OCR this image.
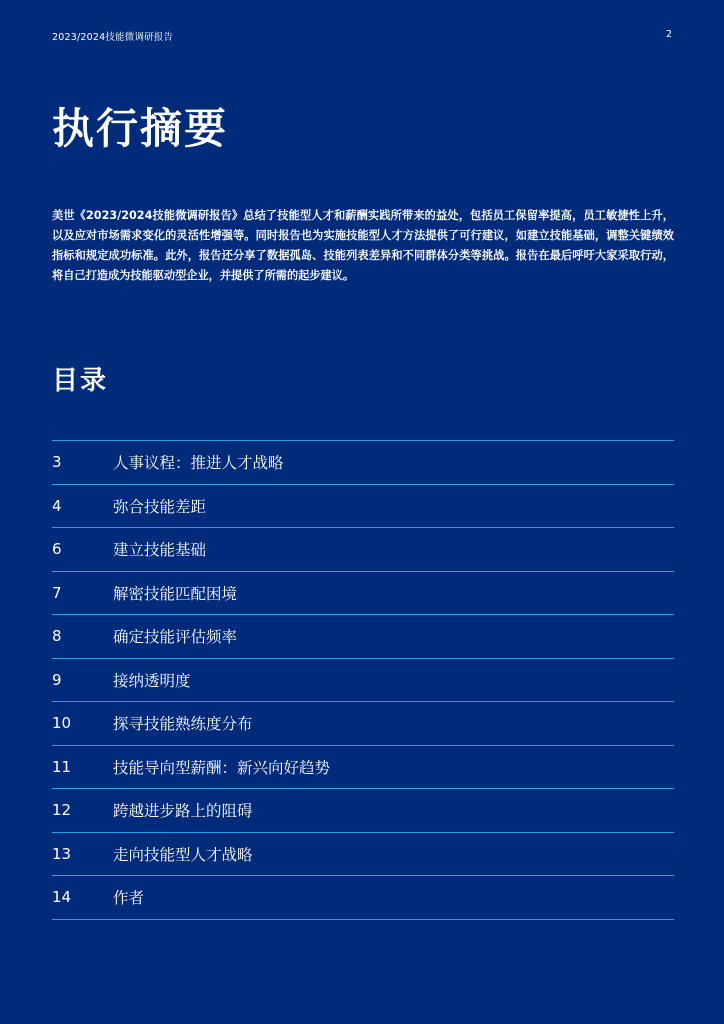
2023/2024技能微调研报告	2
执行摘要

美世《2023/2024技能微调研报告》总结了技能型人才和薪酬实践所带来的益处，包括员工保留率提高，员工敏捷性上升，以及应对市场需求变化的灵活性增强等。同时报告也为实施技能型人才方法提供了可行建议，如建立技能基础，调整关键绩效指标和规定成功标准。此外，报告还分享了数据孤岛、技能列表差异和不同群体分类等挑战。报告在最后呼吁大家采取行动，将自己打造成为技能驱动型企业，并提供了所需的起步建议。

目录
3	人事议程：推进人才战略
4	弥合技能差距
6	建立技能基础
7	解密技能匹配困境
8	确定技能评估频率
9	接纳透明度
10	探寻技能熟练度分布
11	技能导向型薪酬：新兴向好趋势
12	跨越进步路上的阻碍
13	走向技能型人才战略
14	作者
